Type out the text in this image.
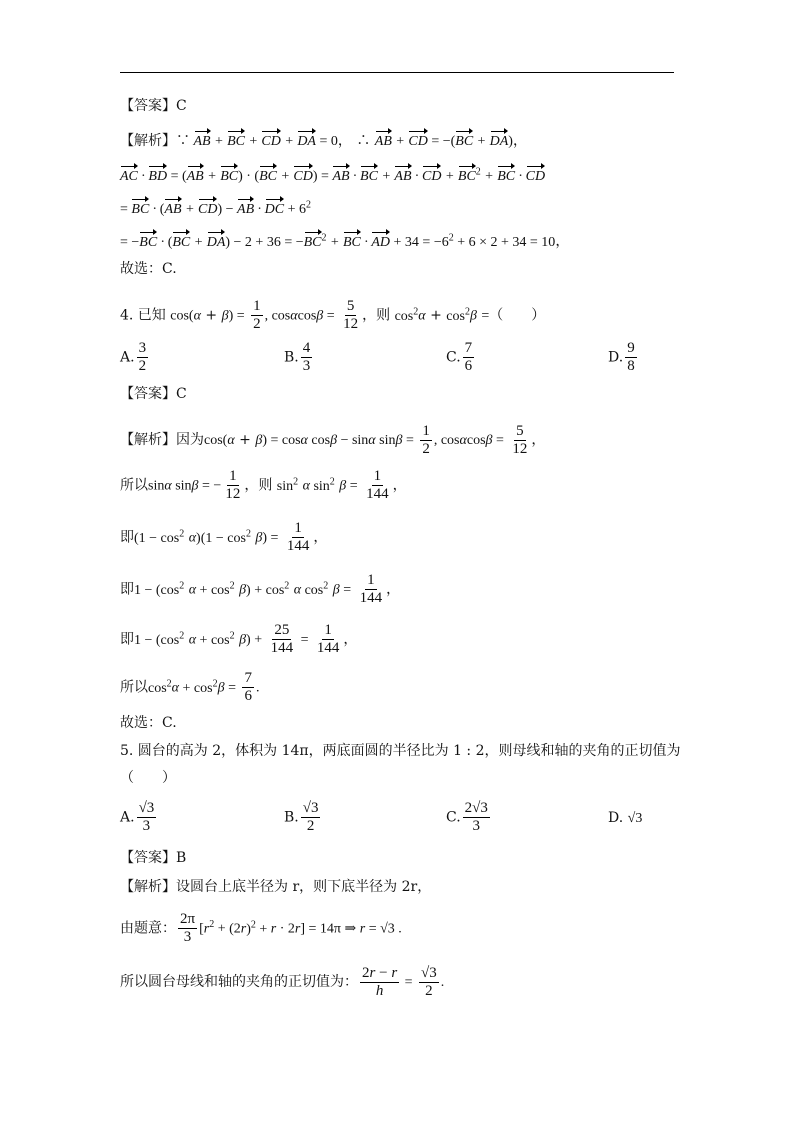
【答案】C
【解析】∵ AB + BC + CD + DA = 0， ∴ AB + CD = −(BC + DA)，
AC · BD = (AB + BC) · (BC + CD) = AB · BC + AB · CD + $BC^2$ + BC · CD
= BC · (AB + CD) − AB · DC + $6^2$
= $-BC \cdot (BC + DA) - 2 + 36 = -BC^2$ + BC · AD + $34 = -6^2 + 6 \times 2 + 34 = 10$，
故选：C.
4. 已知 $\cos(\alpha + \beta) = \frac{1}{2}$ , $\cos\alpha\cos\beta = \frac{5}{12}$ ，则 $\cos^2\alpha + \cos^2\beta$ =（　　）
A. $\frac{3}{2}$	B. $\frac{4}{3}$	C. $\frac{7}{6}$	D. $\frac{9}{8}$
【答案】C
【解析】因为cos(α + β) = cosα cosβ − sinα $\sin\beta = \frac{1}{2}$ , $\cos\alpha\cos\beta = \frac{5}{12}$ ，
所以sinα sinβ = − $\frac{1}{12}$ ，则 $\sin^2 \alpha$ $\sin^2 \beta = \frac{1}{144}$ ，
即$(1 - \cos^2 \alpha)(1 - \cos^2 \beta) = \frac{1}{144}$ ，
即$1 - (\cos^2$ $\alpha + \cos^2 \beta) + \cos^2 \alpha$ $\cos^2 \beta = \frac{1}{144}$ ，
即$1 - (\cos^2$ $\alpha + \cos^2 \beta) + \frac{25}{144} = \frac{1}{144}$ ，
所以$\cos^2\alpha + \cos^2\beta = \frac{7}{6}$ .
故选：C.
5. 圆台的高为 2，体积为 14π，两底面圆的半径比为 1 : 2，则母线和轴的夹角的正切值为
（　　）
A. $\frac{√3}{3}$	B. $\frac{√3}{2}$	C. $\frac{2√3}{3}$	D. √3
【答案】B
【解析】设圆台上底半径为 r，则下底半径为 2r，
由题意： $\frac{2\pi}{3} [r^2 + (2r)^2 + r \cdot 2r] = 14\pi$ ⇒ r = √3 .
所以圆台母线和轴的夹角的正切值为： $\frac{2r - r}{h} = \frac{√3}{2}$ .
